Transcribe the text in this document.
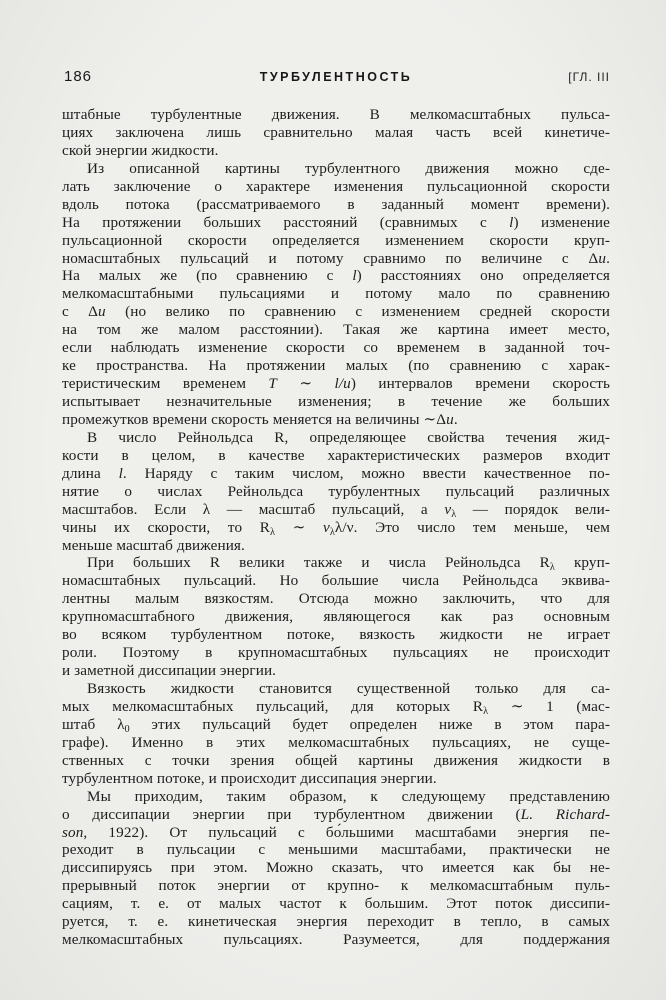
186	ТУРБУЛЕНТНОСТЬ	[ГЛ. III
штабные турбулентные движения. В мелкомасштабных пульса-
циях заключена лишь сравнительно малая часть всей кинетиче-
ской энергии жидкости.
Из описанной картины турбулентного движения можно сде-
лать заключение о характере изменения пульсационной скорости
вдоль потока (рассматриваемого в заданный момент времени).
На протяжении больших расстояний (сравнимых с l) изменение
пульсационной скорости определяется изменением скорости круп-
номасштабных пульсаций и потому сравнимо по величине с Δu.
На малых же (по сравнению с l) расстояниях оно определяется
мелкомасштабными пульсациями и потому мало по сравнению
с Δu (но велико по сравнению с изменением средней скорости
на том же малом расстоянии). Такая же картина имеет место,
если наблюдать изменение скорости со временем в заданной точ-
ке пространства. На протяжении малых (по сравнению с харак-
теристическим временем T ∼ l/u) интервалов времени скорость
испытывает незначительные изменения; в течение же больших
промежутков времени скорость меняется на величины ∼Δu.
В число Рейнольдса R, определяющее свойства течения жид-
кости в целом, в качестве характеристических размеров входит
длина l. Наряду с таким числом, можно ввести качественное по-
нятие о числах Рейнольдса турбулентных пульсаций различных
масштабов. Если λ — масштаб пульсаций, а $v_\lambda$ — порядок вели-
чины их скорости, то $R_\lambda$ ∼ $v_\lambda\lambda/\nu$. Это число тем меньше, чем
меньше масштаб движения.
При больших R велики также и числа Рейнольдса $R_\lambda$ круп-
номасштабных пульсаций. Но большие числа Рейнольдса эквива-
лентны малым вязкостям. Отсюда можно заключить, что для
крупномасштабного движения, являющегося как раз основным
во всяком турбулентном потоке, вязкость жидкости не играет
роли. Поэтому в крупномасштабных пульсациях не происходит
и заметной диссипации энергии.
Вязкость жидкости становится существенной только для са-
мых мелкомасштабных пульсаций, для которых $R_\lambda$ ∼ 1 (мас-
штаб $\lambda_0$ этих пульсаций будет определен ниже в этом пара-
графе). Именно в этих мелкомасштабных пульсациях, не суще-
ственных с точки зрения общей картины движения жидкости в
турбулентном потоке, и происходит диссипация энергии.
Мы приходим, таким образом, к следующему представлению
о диссипации энергии при турбулентном движении (L. Richard-
son, 1922). От пульсаций с бо́льшими масштабами энергия пе-
реходит в пульсации с меньшими масштабами, практически не
диссипируясь при этом. Можно сказать, что имеется как бы не-
прерывный поток энергии от крупно- к мелкомасштабным пуль-
сациям, т. е. от малых частот к большим. Этот поток диссипи-
руется, т. е. кинетическая энергия переходит в тепло, в самых
мелкомасштабных пульсациях. Разумеется, для поддержания
